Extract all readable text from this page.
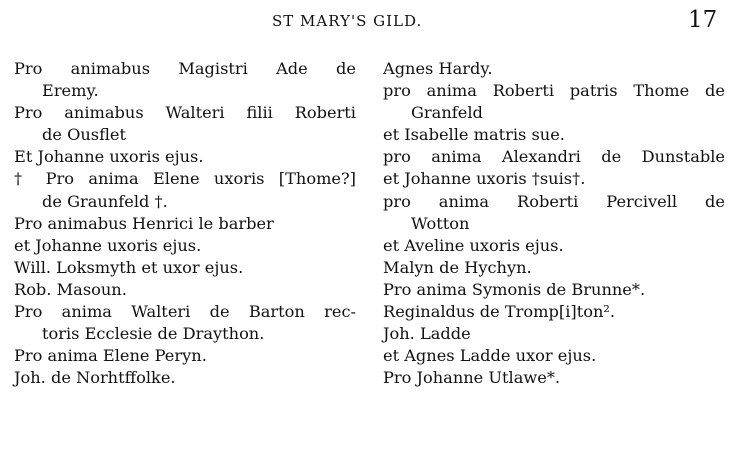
ST MARY'S GILD.	17
Pro animabus Magistri Ade de
Eremy.
Pro animabus Walteri filii Roberti
de Ousflet
Et Johanne uxoris ejus.
† Pro anima Elene uxoris [Thome?]
de Graunfeld †.
Pro animabus Henrici le barber
et Johanne uxoris ejus.
Will. Loksmyth et uxor ejus.
Rob. Masoun.
Pro anima Walteri de Barton rec-
toris Ecclesie de Drаython.
Pro anima Elene Peryn.
Joh. de Norhtffolke.
Agnes Hardy.
pro anima Roberti patris Thome de
Granfeld
et Isabelle matris sue.
pro anima Alexandri de Dunstable
et Johanne uxoris †suis†.
pro anima Roberti Percivell de
Wotton
et Aveline uxoris ejus.
Malyn de Hychyn.
Pro anima Symonis de Brunne*.
Reginaldus de Tromp[i]ton².
Joh. Ladde
et Agnes Ladde uxor ejus.
Pro Johanne Utlawe*.
